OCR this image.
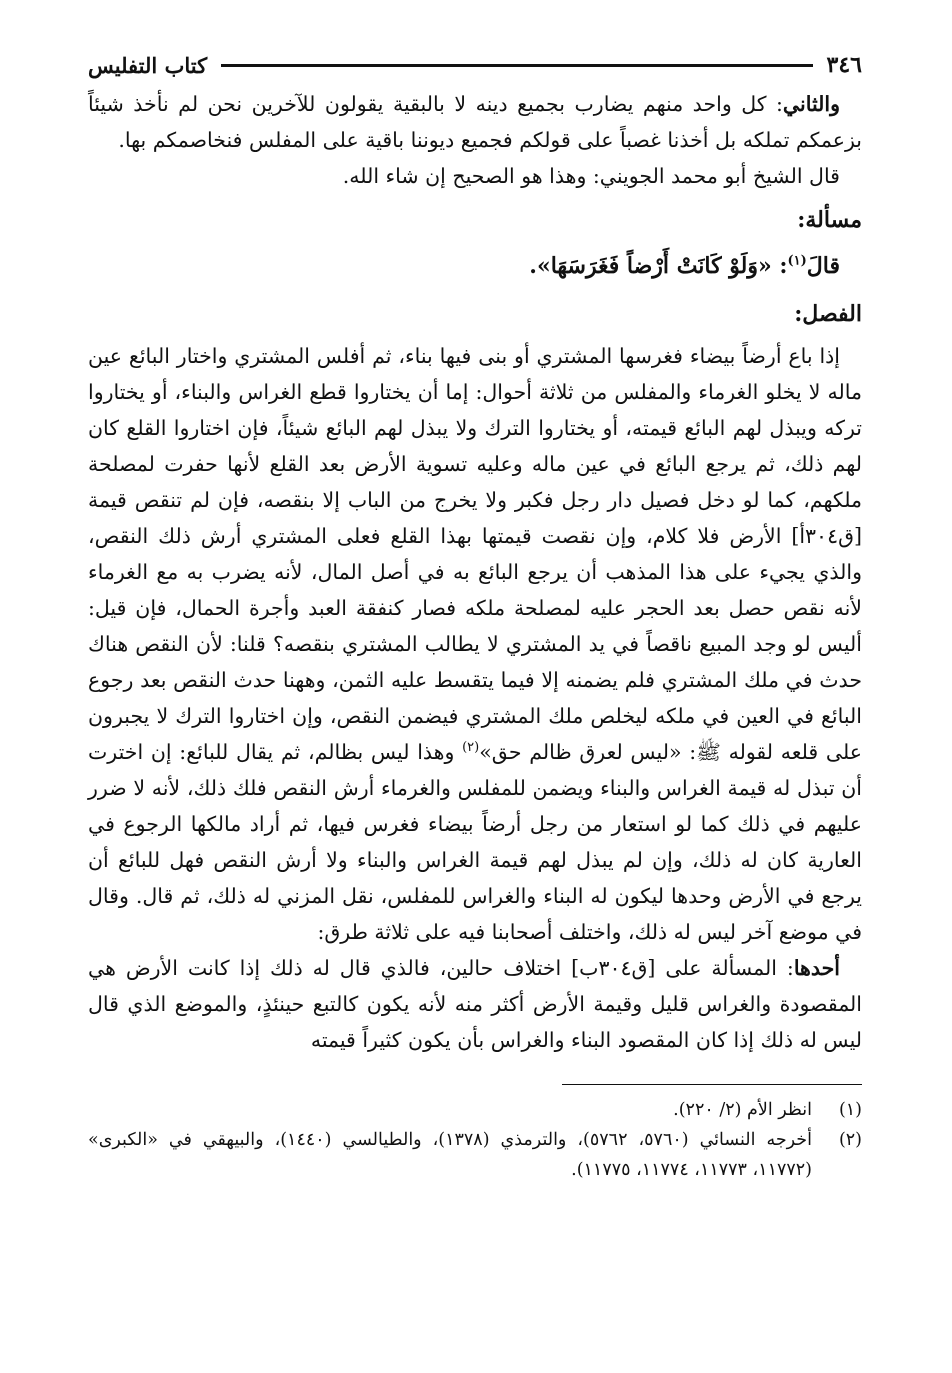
٣٤٦
كتاب التفليس

والثاني: كل واحد منهم يضارب بجميع دينه لا بالبقية يقولون للآخرين نحن لم نأخذ شيئاً بزعمكم تملكه بل أخذنا غصباً على قولكم فجميع ديوننا باقية على المفلس فنخاصمكم بها.

قال الشيخ أبو محمد الجويني: وهذا هو الصحيح إن شاء الله.

مسألة:

قالَ$^{(١)}$: «وَلَوْ كَانَتْ أَرْضاً فَغَرَسَهَا».

الفصل:

إذا باع أرضاً بيضاء فغرسها المشتري أو بنى فيها بناء، ثم أفلس المشتري واختار البائع عين ماله لا يخلو الغرماء والمفلس من ثلاثة أحوال: إما أن يختاروا قطع الغراس والبناء، أو يختاروا تركه ويبذل لهم البائع قيمته، أو يختاروا الترك ولا يبذل لهم البائع شيئاً، فإن اختاروا القلع كان لهم ذلك، ثم يرجع البائع في عين ماله وعليه تسوية الأرض بعد القلع لأنها حفرت لمصلحة ملكهم، كما لو دخل فصيل دار رجل فكبر ولا يخرج من الباب إلا بنقصه، فإن لم تنقص قيمة [ق٣٠٤أ] الأرض فلا كلام، وإن نقصت قيمتها بهذا القلع فعلى المشتري أرش ذلك النقص، والذي يجيء على هذا المذهب أن يرجع البائع به في أصل المال، لأنه يضرب به مع الغرماء لأنه نقص حصل بعد الحجر عليه لمصلحة ملكه فصار كنفقة العبد وأجرة الحمال، فإن قيل: أليس لو وجد المبيع ناقصاً في يد المشتري لا يطالب المشتري بنقصه؟ قلنا: لأن النقص هناك حدث في ملك المشتري فلم يضمنه إلا فيما يتقسط عليه الثمن، وههنا حدث النقص بعد رجوع البائع في العين في ملكه ليخلص ملك المشتري فيضمن النقص، وإن اختاروا الترك لا يجبرون على قلعه لقوله ﷺ: «ليس لعرق ظالم حق»$^{(٢)}$ وهذا ليس بظالم، ثم يقال للبائع: إن اخترت أن تبذل له قيمة الغراس والبناء ويضمن للمفلس والغرماء أرش النقص فلك ذلك، لأنه لا ضرر عليهم في ذلك كما لو استعار من رجل أرضاً بيضاء فغرس فيها، ثم أراد مالكها الرجوع في العارية كان له ذلك، وإن لم يبذل لهم قيمة الغراس والبناء ولا أرش النقص فهل للبائع أن يرجع في الأرض وحدها ليكون له البناء والغراس للمفلس، نقل المزني له ذلك، ثم قال. وقال في موضع آخر ليس له ذلك، واختلف أصحابنا فيه على ثلاثة طرق:

أحدها: المسألة على [ق٣٠٤ب] اختلاف حالين، فالذي قال له ذلك إذا كانت الأرض هي المقصودة والغراس قليل وقيمة الأرض أكثر منه لأنه يكون كالتبع حينئذٍ، والموضع الذي قال ليس له ذلك إذا كان المقصود البناء والغراس بأن يكون كثيراً قيمته

(١)
انظر الأم (٢/ ٢٢٠).
(٢)
أخرجه النسائي (٥٧٦٠، ٥٧٦٢)، والترمذي (١٣٧٨)، والطيالسي (١٤٤٠)، والبيهقي في «الكبرى» (١١٧٧٢، ١١٧٧٣، ١١٧٧٤، ١١٧٧٥).
